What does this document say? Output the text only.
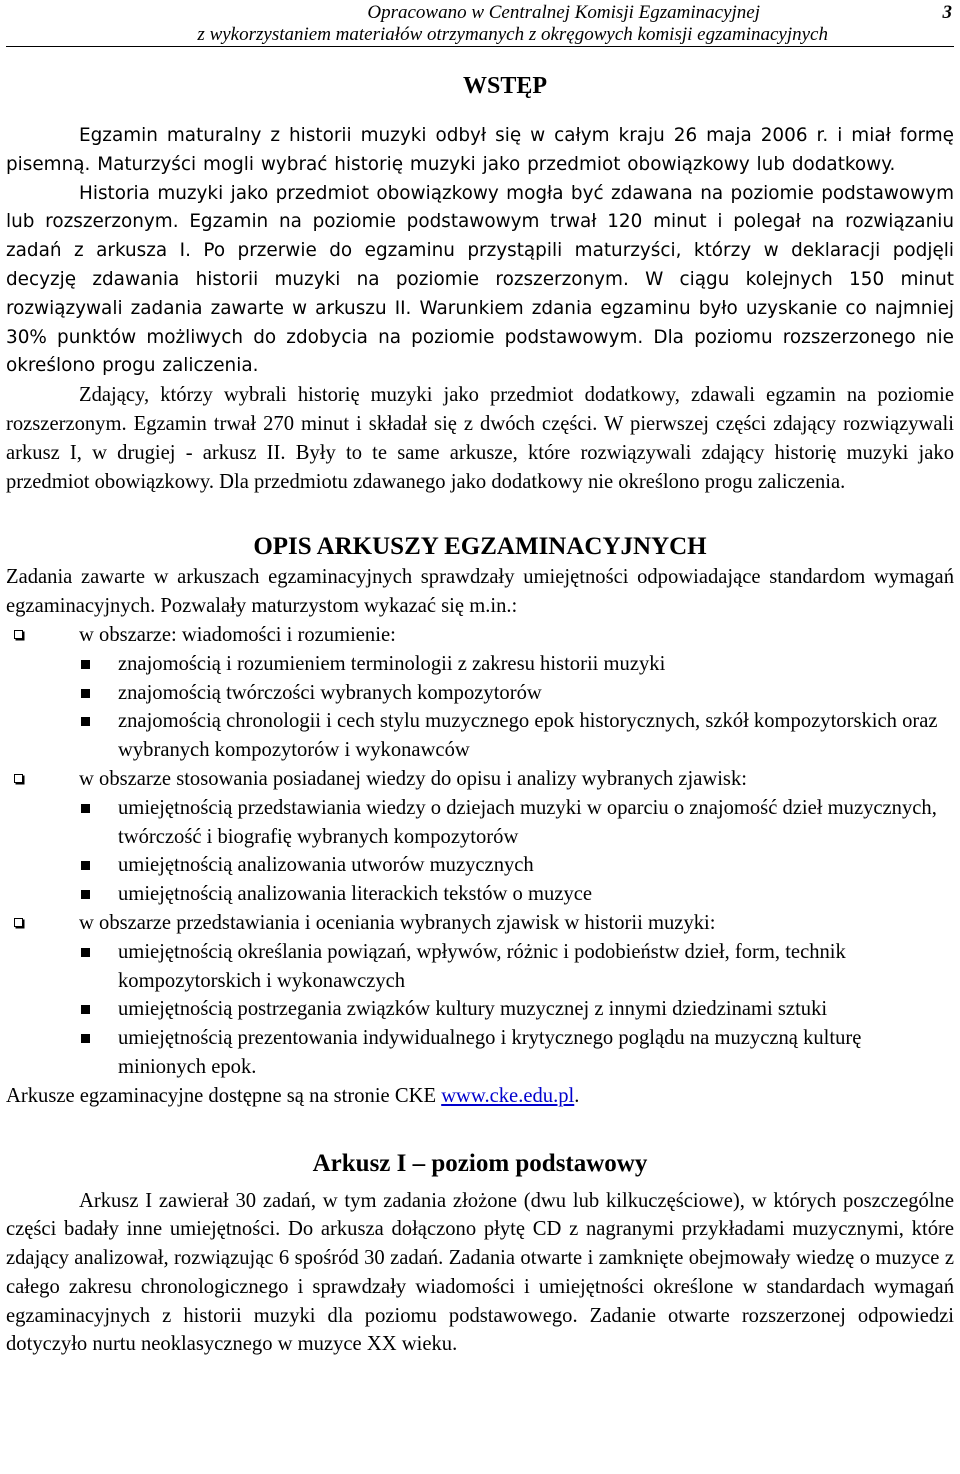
Opracowano w Centralnej Komisji Egzaminacyjnej
z wykorzystaniem materiałów otrzymanych z okręgowych komisji egzaminacyjnych
3
WSTĘP

Egzamin maturalny z historii muzyki odbył się w całym kraju 26 maja 2006 r. i miał formę pisemną. Maturzyści mogli wybrać historię muzyki jako przedmiot obowiązkowy lub dodatkowy.

Historia muzyki jako przedmiot obowiązkowy mogła być zdawana na poziomie podstawowym lub rozszerzonym. Egzamin na poziomie podstawowym trwał 120 minut i polegał na rozwiązaniu zadań z arkusza I. Po przerwie do egzaminu przystąpili maturzyści, którzy w deklaracji podjęli decyzję zdawania historii muzyki na poziomie rozszerzonym. W ciągu kolejnych 150 minut rozwiązywali zadania zawarte w arkuszu II. Warunkiem zdania egzaminu było uzyskanie co najmniej 30% punktów możliwych do zdobycia na poziomie podstawowym. Dla poziomu rozszerzonego nie określono progu zaliczenia.

Zdający, którzy wybrali historię muzyki jako przedmiot dodatkowy, zdawali egzamin na poziomie rozszerzonym. Egzamin trwał 270 minut i składał się z dwóch części. W pierwszej części zdający rozwiązywali arkusz I, w drugiej - arkusz II. Były to te same arkusze, które rozwiązywali zdający historię muzyki jako przedmiot obowiązkowy. Dla przedmiotu zdawanego jako dodatkowy nie określono progu zaliczenia.

OPIS ARKUSZY EGZAMINACYJNYCH

Zadania zawarte w arkuszach egzaminacyjnych sprawdzały umiejętności odpowiadające standardom wymagań egzaminacyjnych. Pozwalały maturzystom wykazać się m.in.:

w obszarze: wiadomości i rozumienie:
znajomością i rozumieniem terminologii z zakresu historii muzyki
znajomością twórczości wybranych kompozytorów
znajomością chronologii i cech stylu muzycznego epok historycznych, szkół kompozytorskich oraz wybranych kompozytorów i wykonawców
w obszarze stosowania posiadanej wiedzy do opisu i analizy wybranych zjawisk:
umiejętnością przedstawiania wiedzy o dziejach muzyki w oparciu o znajomość dzieł muzycznych, twórczość i biografię wybranych kompozytorów
umiejętnością analizowania utworów muzycznych
umiejętnością analizowania literackich tekstów o muzyce
w obszarze przedstawiania i oceniania wybranych zjawisk w historii muzyki:
umiejętnością określania powiązań, wpływów, różnic i podobieństw dzieł, form, technik kompozytorskich i wykonawczych
umiejętnością postrzegania związków kultury muzycznej z innymi dziedzinami sztuki
umiejętnością prezentowania indywidualnego i krytycznego poglądu na muzyczną kulturę minionych epok.

Arkusze egzaminacyjne dostępne są na stronie CKE www.cke.edu.pl.

Arkusz I – poziom podstawowy

Arkusz I zawierał 30 zadań, w tym zadania złożone (dwu lub kilkuczęściowe), w których poszczególne części badały inne umiejętności. Do arkusza dołączono płytę CD z nagranymi przykładami muzycznymi, które zdający analizował, rozwiązując 6 spośród 30 zadań. Zadania otwarte i zamknięte obejmowały wiedzę o muzyce z całego zakresu chronologicznego i sprawdzały wiadomości i umiejętności określone w standardach wymagań egzaminacyjnych z historii muzyki dla poziomu podstawowego. Zadanie otwarte rozszerzonej odpowiedzi dotyczyło nurtu neoklasycznego w muzyce XX wieku.
